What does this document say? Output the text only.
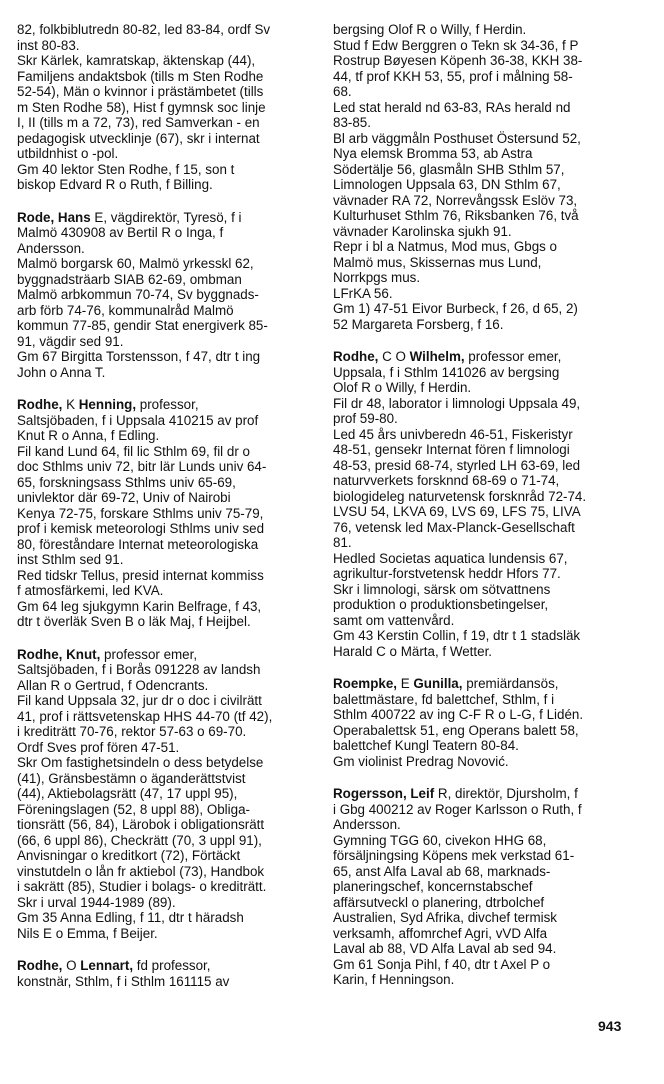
82, folkbiblutredn 80-82, led 83-84, ordf Sv
inst 80-83.
Skr Kärlek, kamratskap, äktenskap (44),
Familjens andaktsbok (tills m Sten Rodhe
52-54), Män o kvinnor i prästämbetet (tills
m Sten Rodhe 58), Hist f gymnsk soc linje
I, II (tills m a 72, 73), red Samverkan - en
pedagogisk utvecklinje (67), skr i internat
utbildnhist o -pol.
Gm 40 lektor Sten Rodhe, f 15, son t
biskop Edvard R o Ruth, f Billing.
Rode, Hans E, vägdirektör, Tyresö, f i
Malmö 430908 av Bertil R o Inga, f
Andersson.
Malmö borgarsk 60, Malmö yrkesskl 62,
byggnadsträarb SIAB 62-69, ombman
Malmö arbkommun 70-74, Sv byggnads-
arb förb 74-76, kommunalråd Malmö
kommun 77-85, gendir Stat energiverk 85-
91, vägdir sed 91.
Gm 67 Birgitta Torstensson, f 47, dtr t ing
John o Anna T.
Rodhe, K Henning, professor,
Saltsjöbaden, f i Uppsala 410215 av prof
Knut R o Anna, f Edling.
Fil kand Lund 64, fil lic Sthlm 69, fil dr o
doc Sthlms univ 72, bitr lär Lunds univ 64-
65, forskningsass Sthlms univ 65-69,
univlektor där 69-72, Univ of Nairobi
Kenya 72-75, forskare Sthlms univ 75-79,
prof i kemisk meteorologi Sthlms univ sed
80, föreståndare Internat meteorologiska
inst Sthlm sed 91.
Red tidskr Tellus, presid internat kommiss
f atmosfärkemi, led KVA.
Gm 64 leg sjukgymn Karin Belfrage, f 43,
dtr t överläk Sven B o läk Maj, f Heijbel.
Rodhe, Knut, professor emer,
Saltsjöbaden, f i Borås 091228 av landsh
Allan R o Gertrud, f Odencrants.
Fil kand Uppsala 32, jur dr o doc i civilrätt
41, prof i rättsvetenskap HHS 44-70 (tf 42),
i krediträtt 70-76, rektor 57-63 o 69-70.
Ordf Sves prof fören 47-51.
Skr Om fastighetsindeln o dess betydelse
(41), Gränsbestämn o äganderättstvist
(44), Aktiebolagsrätt (47, 17 uppl 95),
Föreningslagen (52, 8 uppl 88), Obliga-
tionsrätt (56, 84), Lärobok i obligationsrätt
(66, 6 uppl 86), Checkrätt (70, 3 uppl 91),
Anvisningar o kreditkort (72), Förtäckt
vinstutdeln o lån fr aktiebol (73), Handbok
i sakrätt (85), Studier i bolags- o krediträtt.
Skr i urval 1944-1989 (89).
Gm 35 Anna Edling, f 11, dtr t häradsh
Nils E o Emma, f Beijer.
Rodhe, O Lennart, fd professor,
konstnär, Sthlm, f i Sthlm 161115 av
bergsing Olof R o Willy, f Herdin.
Stud f Edw Berggren o Tekn sk 34-36, f P
Rostrup Bøyesen Köpenh 36-38, KKH 38-
44, tf prof KKH 53, 55, prof i målning 58-
68.
Led stat herald nd 63-83, RAs herald nd
83-85.
Bl arb väggmåln Posthuset Östersund 52,
Nya elemsk Bromma 53, ab Astra
Södertälje 56, glasmåln SHB Sthlm 57,
Limnologen Uppsala 63, DN Sthlm 67,
vävnader RA 72, Norrevångssk Eslöv 73,
Kulturhuset Sthlm 76, Riksbanken 76, två
vävnader Karolinska sjukh 91.
Repr i bl a Natmus, Mod mus, Gbgs o
Malmö mus, Skissernas mus Lund,
Norrkpgs mus.
LFrKA 56.
Gm 1) 47-51 Eivor Burbeck, f 26, d 65, 2)
52 Margareta Forsberg, f 16.
Rodhe, C O Wilhelm, professor emer,
Uppsala, f i Sthlm 141026 av bergsing
Olof R o Willy, f Herdin.
Fil dr 48, laborator i limnologi Uppsala 49,
prof 59-80.
Led 45 års univberedn 46-51, Fiskeristyr
48-51, gensekr Internat fören f limnologi
48-53, presid 68-74, styrled LH 63-69, led
naturvverkets forsknnd 68-69 o 71-74,
biologideleg naturvetensk forsknråd 72-74.
LVSU 54, LKVA 69, LVS 69, LFS 75, LIVA
76, vetensk led Max-Planck-Gesellschaft
81.
Hedled Societas aquatica lundensis 67,
agrikultur-forstvetensk heddr Hfors 77.
Skr i limnologi, särsk om sötvattnens
produktion o produktionsbetingelser,
samt om vattenvård.
Gm 43 Kerstin Collin, f 19, dtr t 1 stadsläk
Harald C o Märta, f Wetter.
Roempke, E Gunilla, premiärdansös,
balettmästare, fd balettchef, Sthlm, f i
Sthlm 400722 av ing C-F R o L-G, f Lidén.
Operabalettsk 51, eng Operans balett 58,
balettchef Kungl Teatern 80-84.
Gm violinist Predrag Novović.
Rogersson, Leif R, direktör, Djursholm, f
i Gbg 400212 av Roger Karlsson o Ruth, f
Andersson.
Gymning TGG 60, civekon HHG 68,
försäljningsing Köpens mek verkstad 61-
65, anst Alfa Laval ab 68, marknads-
planeringschef, koncernstabschef
affärsutveckl o planering, dtrbolchef
Australien, Syd Afrika, divchef termisk
verksamh, affomrchef Agri, vVD Alfa
Laval ab 88, VD Alfa Laval ab sed 94.
Gm 61 Sonja Pihl, f 40, dtr t Axel P o
Karin, f Henningson.
943
